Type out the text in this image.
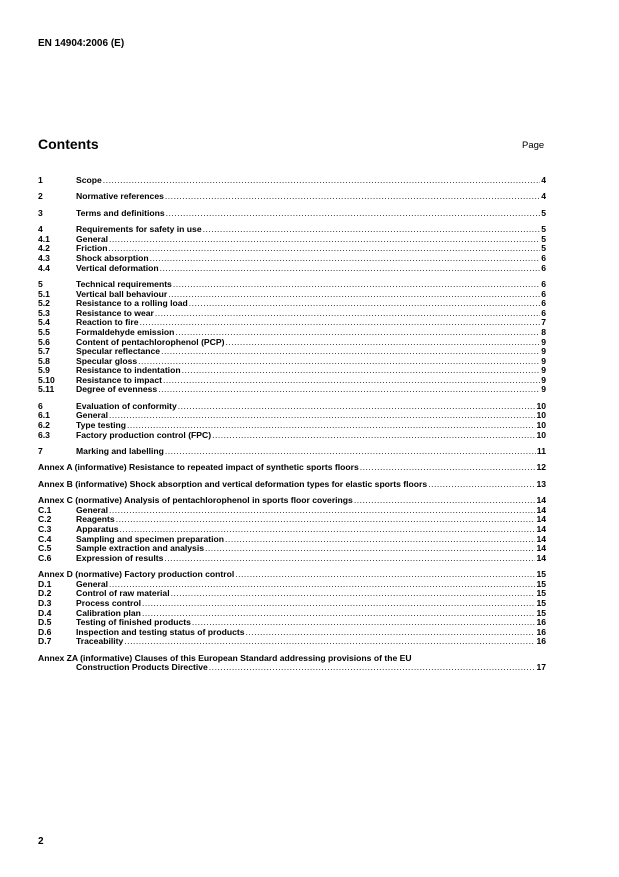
EN 14904:2006 (E)
Contents	Page
1	Scope .....	4
2	Normative references .....	4
3	Terms and definitions .....	5
4	Requirements for safety in use .....	5
4.1	General .....	5
4.2	Friction .....	5
4.3	Shock absorption .....	6
4.4	Vertical deformation .....	6
5	Technical requirements .....	6
5.1	Vertical ball behaviour .....	6
5.2	Resistance to a rolling load .....	6
5.3	Resistance to wear .....	6
5.4	Reaction to fire .....	7
5.5	Formaldehyde emission .....	8
5.6	Content of pentachlorophenol (PCP) .....	9
5.7	Specular reflectance .....	9
5.8	Specular gloss .....	9
5.9	Resistance to indentation .....	9
5.10	Resistance to impact .....	9
5.11	Degree of evenness .....	9
6	Evaluation of conformity .....	10
6.1	General .....	10
6.2	Type testing .....	10
6.3	Factory production control (FPC) .....	10
7	Marking and labelling .....	11
Annex A (informative) Resistance to repeated impact of synthetic sports floors .....	12
Annex B (informative) Shock absorption and vertical deformation types for elastic sports floors .....	13
Annex C (normative) Analysis of pentachlorophenol in sports floor coverings .....	14
C.1	General .....	14
C.2	Reagents .....	14
C.3	Apparatus .....	14
C.4	Sampling and specimen preparation .....	14
C.5	Sample extraction and analysis .....	14
C.6	Expression of results .....	14
Annex D (normative) Factory production control .....	15
D.1	General .....	15
D.2	Control of raw material .....	15
D.3	Process control .....	15
D.4	Calibration plan .....	15
D.5	Testing of finished products .....	16
D.6	Inspection and testing status of products .....	16
D.7	Traceability .....	16
Annex ZA (informative) Clauses of this European Standard addressing provisions of the EU
Construction Products Directive .....	17
2
